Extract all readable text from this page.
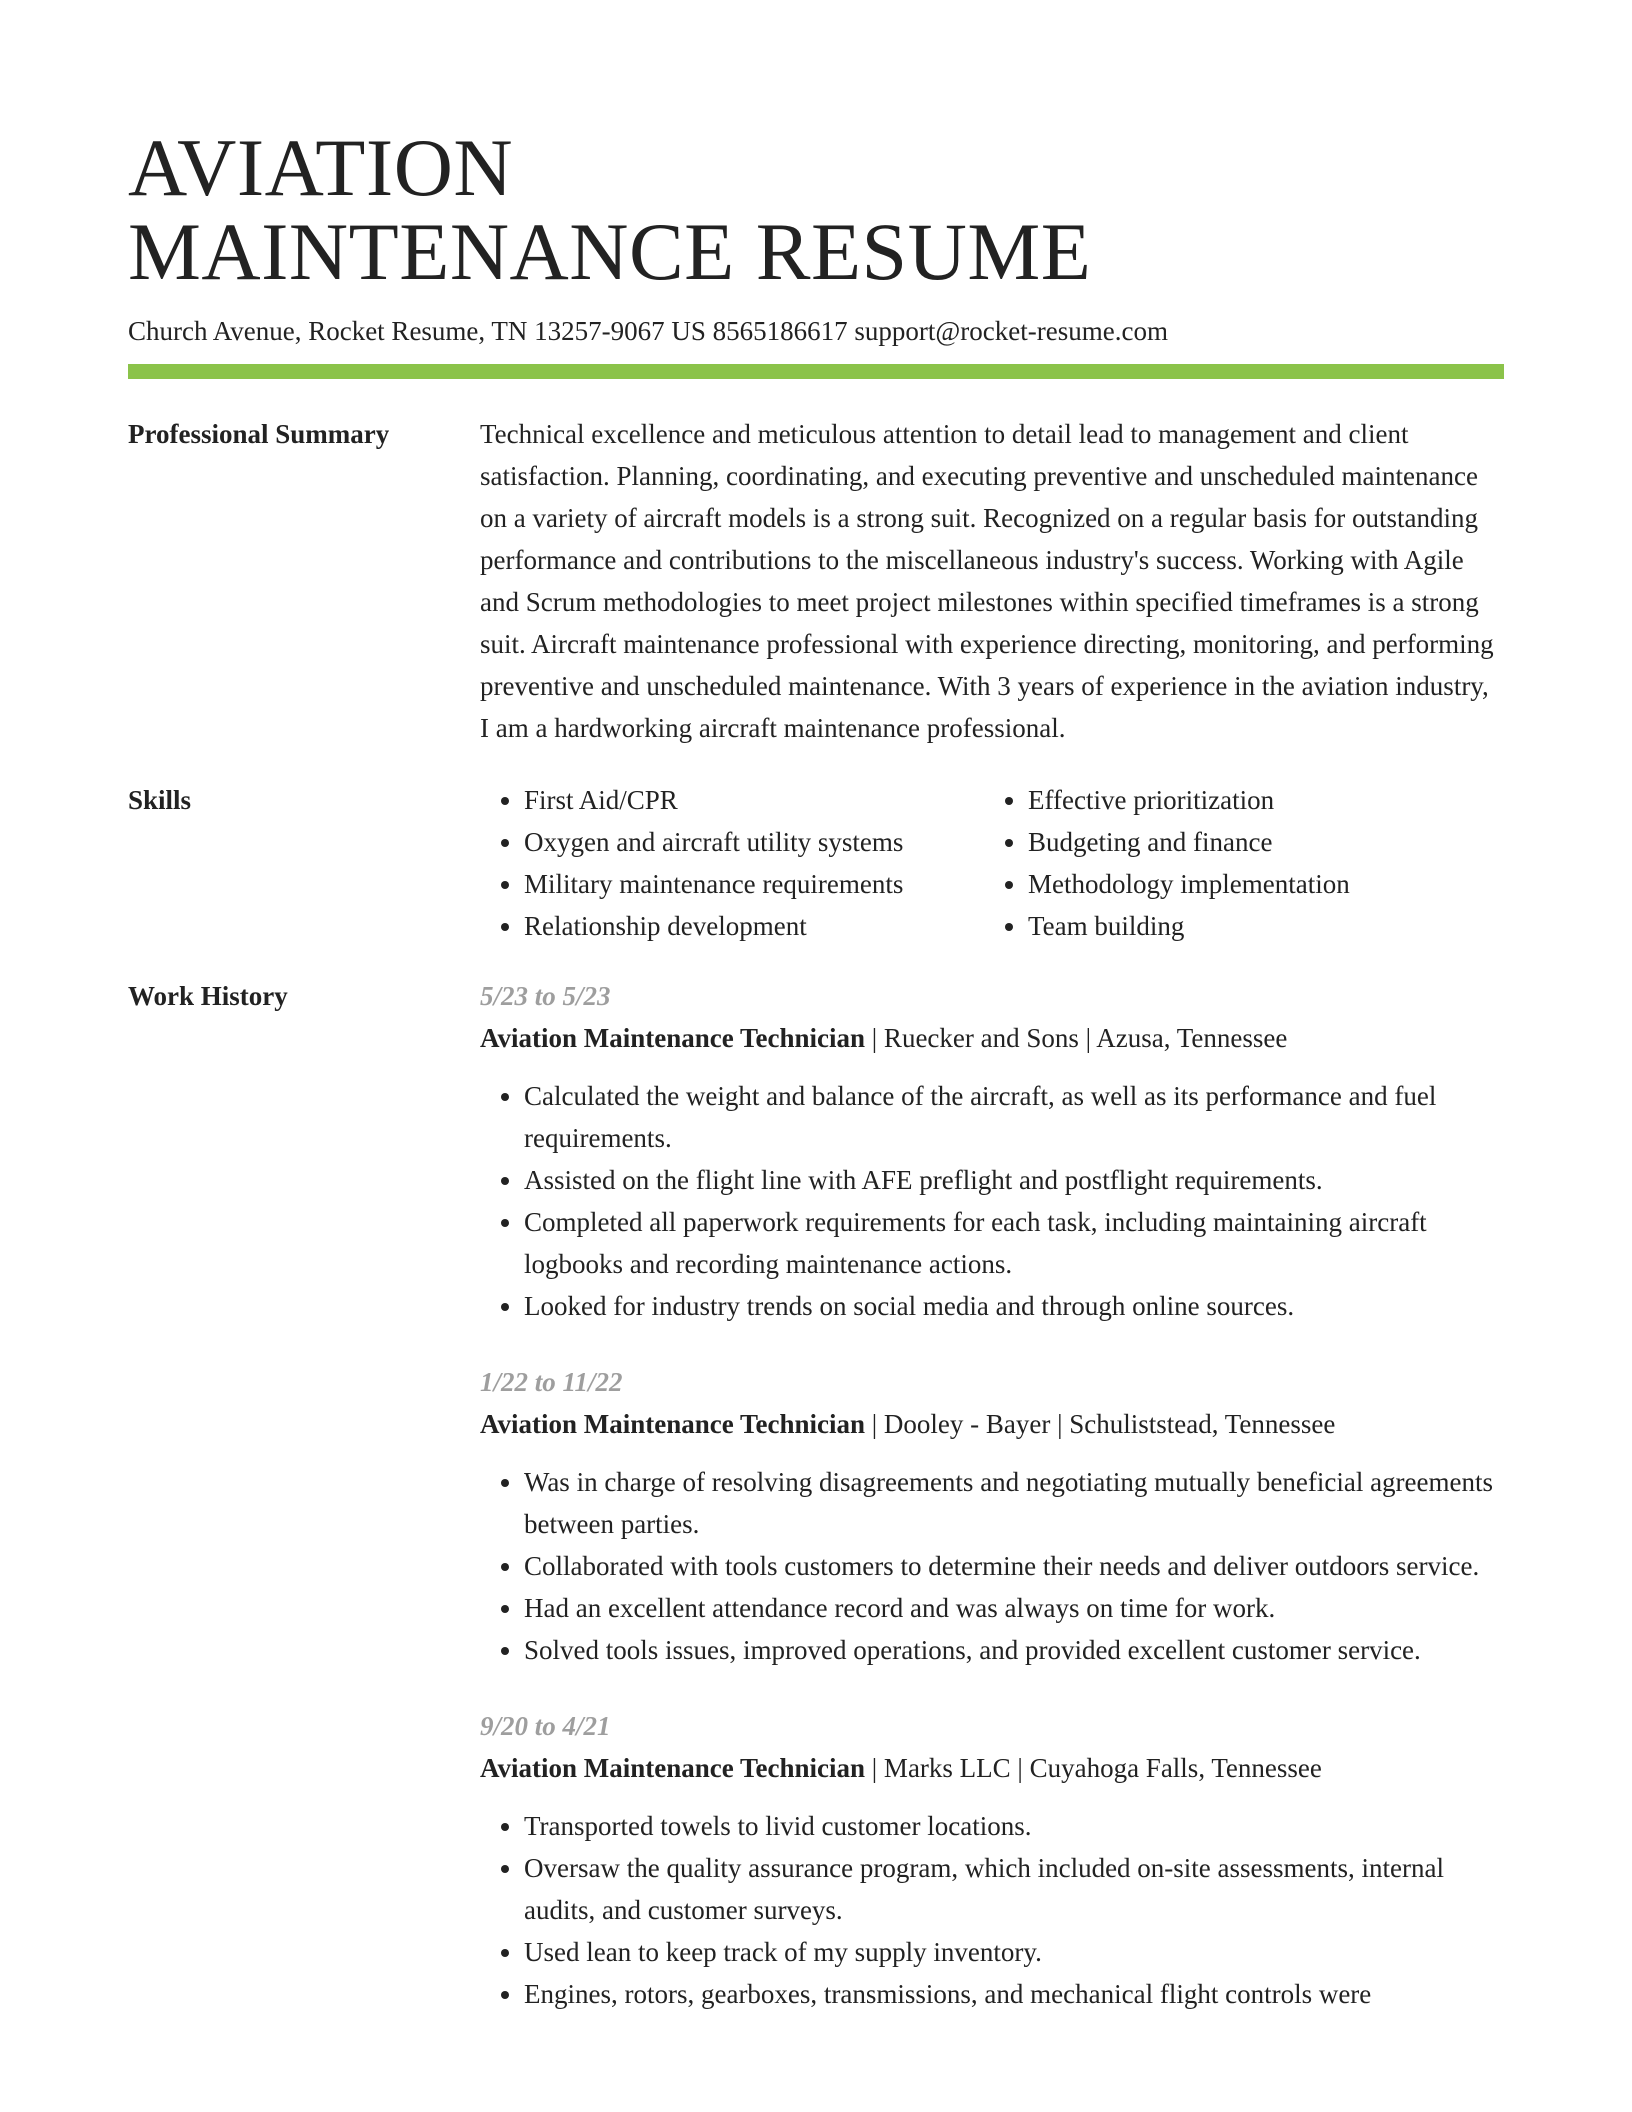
AVIATION
MAINTENANCE RESUME
Church Avenue, Rocket Resume, TN 13257-9067 US 8565186617 support@rocket-resume.com
Professional Summary	Technical excellence and meticulous attention to detail lead to management and client satisfaction. Planning, coordinating, and executing preventive and unscheduled maintenance on a variety of aircraft models is a strong suit. Recognized on a regular basis for outstanding performance and contributions to the miscellaneous industry's success. Working with Agile and Scrum methodologies to meet project milestones within specified timeframes is a strong suit. Aircraft maintenance professional with experience directing, monitoring, and performing preventive and unscheduled maintenance. With 3 years of experience in the aviation industry, I am a hardworking aircraft maintenance professional.

Skills
•	First Aid/CPR
• Oxygen and aircraft utility systems
• Military maintenance requirements
• Relationship development
• Effective prioritization
• Budgeting and finance
• Methodology implementation
• Team building
Work History	5/23 to 5/23
Aviation Maintenance Technician | Ruecker and Sons | Azusa, Tennessee
• Calculated the weight and balance of the aircraft, as well as its performance and fuel requirements.
• Assisted on the flight line with AFE preflight and postflight requirements.
• Completed all paperwork requirements for each task, including maintaining aircraft logbooks and recording maintenance actions.
• Looked for industry trends on social media and through online sources.
1/22 to 11/22
Aviation Maintenance Technician | Dooley - Bayer | Schuliststead, Tennessee
• Was in charge of resolving disagreements and negotiating mutually beneficial agreements between parties.
• Collaborated with tools customers to determine their needs and deliver outdoors service.
• Had an excellent attendance record and was always on time for work.
• Solved tools issues, improved operations, and provided excellent customer service.
9/20 to 4/21
Aviation Maintenance Technician | Marks LLC | Cuyahoga Falls, Tennessee
• Transported towels to livid customer locations.
• Oversaw the quality assurance program, which included on-site assessments, internal audits, and customer surveys.
• Used lean to keep track of my supply inventory.
• Engines, rotors, gearboxes, transmissions, and mechanical flight controls were
